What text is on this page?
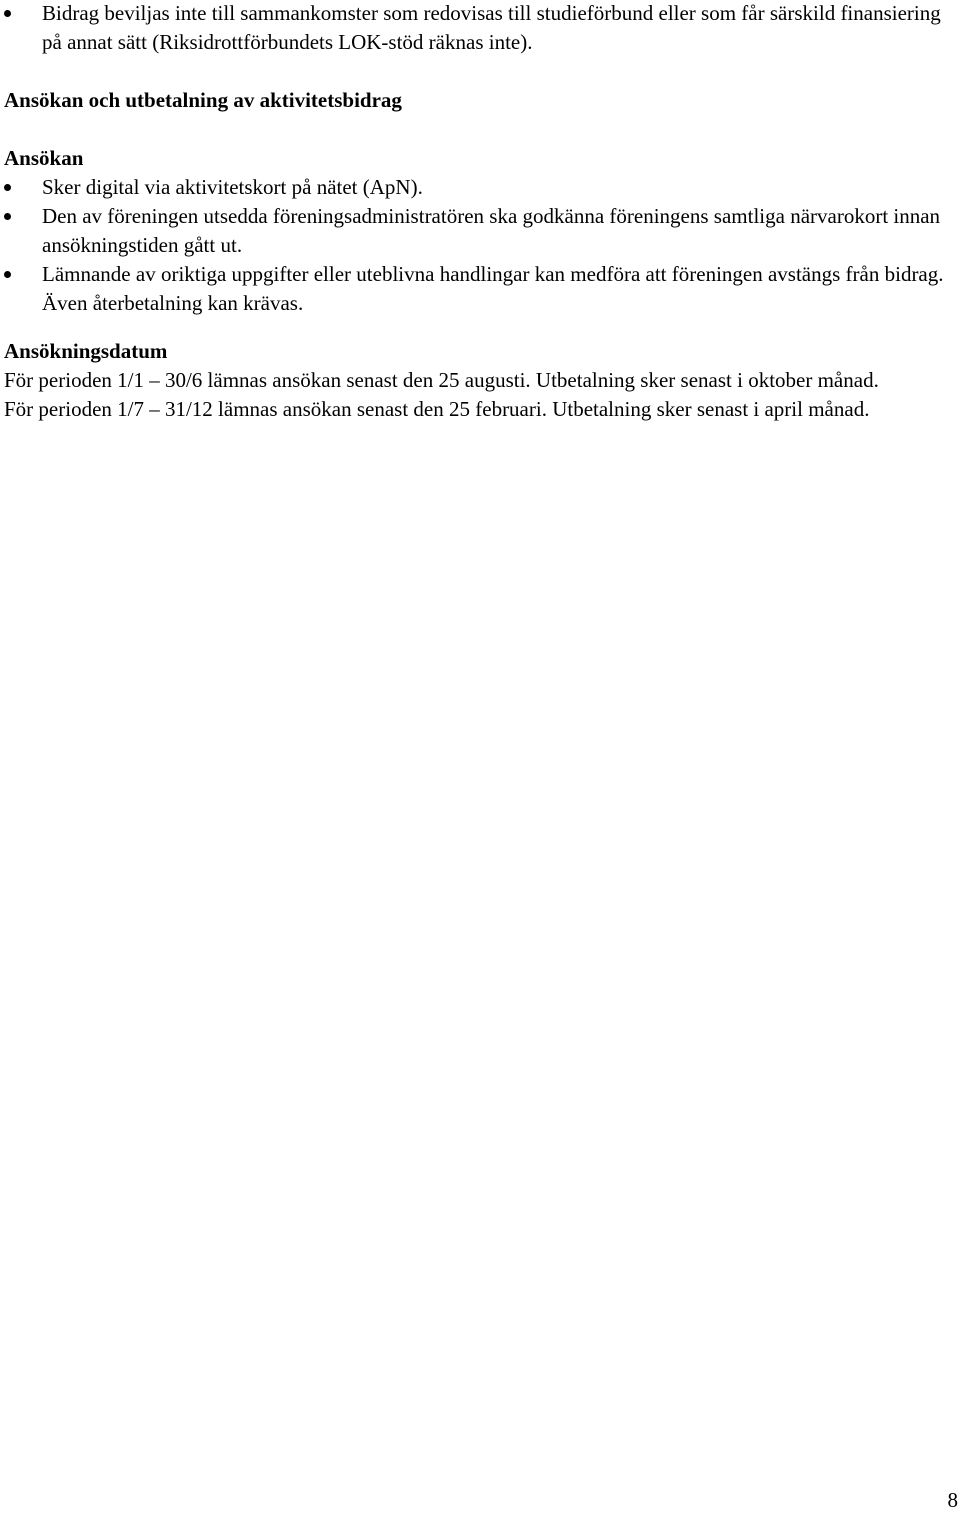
Bidrag beviljas inte till sammankomster som redovisas till studieförbund eller som får särskild finansiering på annat sätt (Riksidrottförbundets LOK-stöd räknas inte).

Ansökan och utbetalning av aktivitetsbidrag

Ansökan

Sker digital via aktivitetskort på nätet (ApN).
Den av föreningen utsedda föreningsadministratören ska godkänna föreningens samtliga närvarokort innan ansökningstiden gått ut.
Lämnande av oriktiga uppgifter eller uteblivna handlingar kan medföra att föreningen avstängs från bidrag. Även återbetalning kan krävas.

Ansökningsdatum

För perioden 1/1 – 30/6 lämnas ansökan senast den 25 augusti. Utbetalning sker senast i oktober månad.

För perioden 1/7 – 31/12 lämnas ansökan senast den 25 februari. Utbetalning sker senast i april månad.

8
